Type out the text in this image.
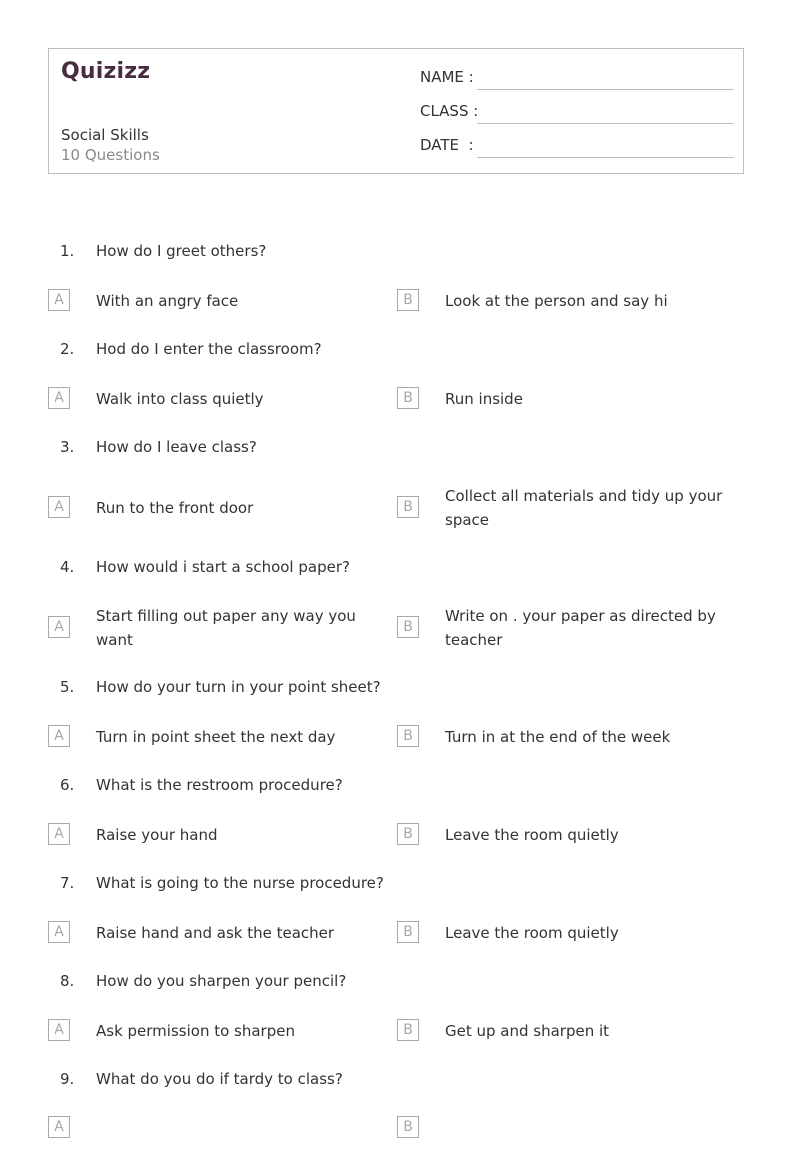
Quizizz
Social Skills
10 Questions
NAME :
CLASS :
DATE  :
1. How do I greet others?
A	With an angry face	B	Look at the person and say hi
2. Hod do I enter the classroom?
A	Walk into class quietly	B	Run inside
3. How do I leave class?
A	Run to the front door	B
Collect all materials and tidy up your space
4. How would i start a school paper?
A
Start filling out paper any way you want
B
Write on . your paper as directed by teacher
5. How do your turn in your point sheet?
A	Turn in point sheet the next day	B	Turn in at the end of the week
6. What is the restroom procedure?
A	Raise your hand	B	Leave the room quietly
7. What is going to the nurse procedure?
A	Raise hand and ask the teacher	B	Leave the room quietly
8. How do you sharpen your pencil?
A	Ask permission to sharpen	B	Get up and sharpen it
9. What do you do if tardy to class?
A	B
